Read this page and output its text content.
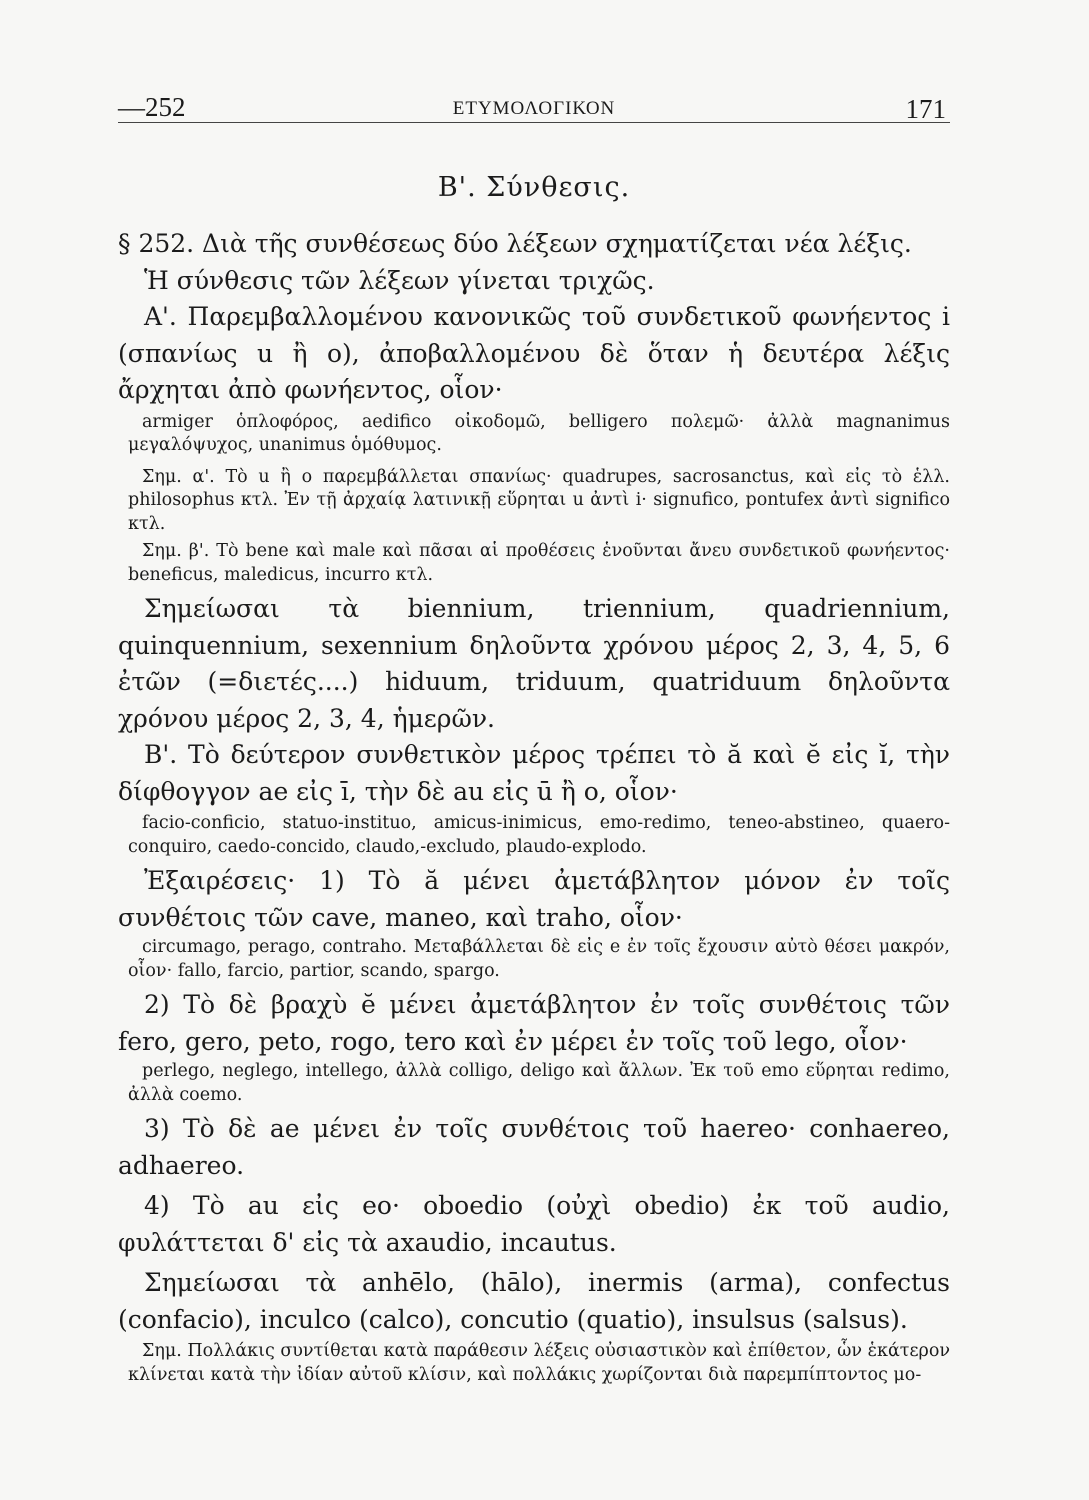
—252	ΕΤΥΜΟΛΟΓΙΚΟΝ	171
Β'. Σύνθεσις.

§ 252. Διὰ τῆς συνθέσεως δύο λέξεων σχηματίζεται νέα λέξις.

Ἡ σύνθεσις τῶν λέξεων γίνεται τριχῶς.

Α'. Παρεμβαλλομένου κανονικῶς τοῦ συνδετικοῦ φωνήεντος i (σπανίως u ἢ o), ἀποβαλλομένου δὲ ὅταν ἡ δευτέρα λέξις ἄρχηται ἀπὸ φωνήεντος, οἷον·

armiger ὁπλοφόρος, aedifico οἰκοδομῶ, belligero πολεμῶ· ἀλλὰ magnanimus μεγαλόψυχος, unanimus ὁμόθυμος.

Σημ. α'. Τὸ u ἢ o παρεμβάλλεται σπανίως· quadrupes, sacrosanctus, καὶ εἰς τὸ ἑλλ. philosophus κτλ. Ἐν τῇ ἀρχαίᾳ λατινικῇ εὕρηται u ἀντὶ i· signufico, pontufex ἀντὶ significo κτλ.

Σημ. β'. Τὸ bene καὶ male καὶ πᾶσαι αἱ προθέσεις ἑνοῦνται ἄνευ συνδετικοῦ φωνήεντος· beneficus, maledicus, incurro κτλ.

Σημείωσαι τὰ biennium, triennium, quadriennium, quinquennium, sexennium δηλοῦντα χρόνου μέρος 2, 3, 4, 5, 6 ἐτῶν (=διετές....) hiduum, triduum, quatriduum δηλοῦντα χρόνου μέρος 2, 3, 4, ἡμερῶν.

Β'. Τὸ δεύτερον συνθετικὸν μέρος τρέπει τὸ ă καὶ ĕ εἰς ĭ, τὴν δίφθογγον ae εἰς ī, τὴν δὲ au εἰς ū ἢ o, οἷον·

facio-conficio, statuo-instituo, amicus-inimicus, emo-redimo, teneo-abstineo, quaero-conquiro, caedo-concido, claudo,-excludo, plaudo-explodo.

Ἐξαιρέσεις· 1) Τὸ ă μένει ἀμετάβλητον μόνον ἐν τοῖς συνθέτοις τῶν cave, maneo, καὶ traho, οἷον·

circumago, perago, contraho. Μεταβάλλεται δὲ εἰς e ἐν τοῖς ἔχουσιν αὐτὸ θέσει μακρόν, οἷον· fallo, farcio, partior, scando, spargo.

2) Τὸ δὲ βραχὺ ĕ μένει ἀμετάβλητον ἐν τοῖς συνθέτοις τῶν fero, gero, peto, rogo, tero καὶ ἐν μέρει ἐν τοῖς τοῦ lego, οἷον·

perlego, neglego, intellego, ἀλλὰ colligo, deligo καὶ ἄλλων. Ἐκ τοῦ emo εὕρηται redimo, ἀλλὰ coemo.

3) Τὸ δὲ ae μένει ἐν τοῖς συνθέτοις τοῦ haereo· conhaereo, adhaereo.

4) Τὸ au εἰς eo· oboedio (οὐχὶ obedio) ἐκ τοῦ audio, φυλάττεται δ' εἰς τὰ axaudio, incautus.

Σημείωσαι τὰ anhēlo, (hālo), inermis (arma), confectus (confacio), inculco (calco), concutio (quatio), insulsus (salsus).

Σημ. Πολλάκις συντίθεται κατὰ παράθεσιν λέξεις οὐσιαστικὸν καὶ ἐπίθετον, ὧν ἑκάτερον κλίνεται κατὰ τὴν ἰδίαν αὐτοῦ κλίσιν, καὶ πολλάκις χωρίζονται διὰ παρεμπίπτοντος μο-
